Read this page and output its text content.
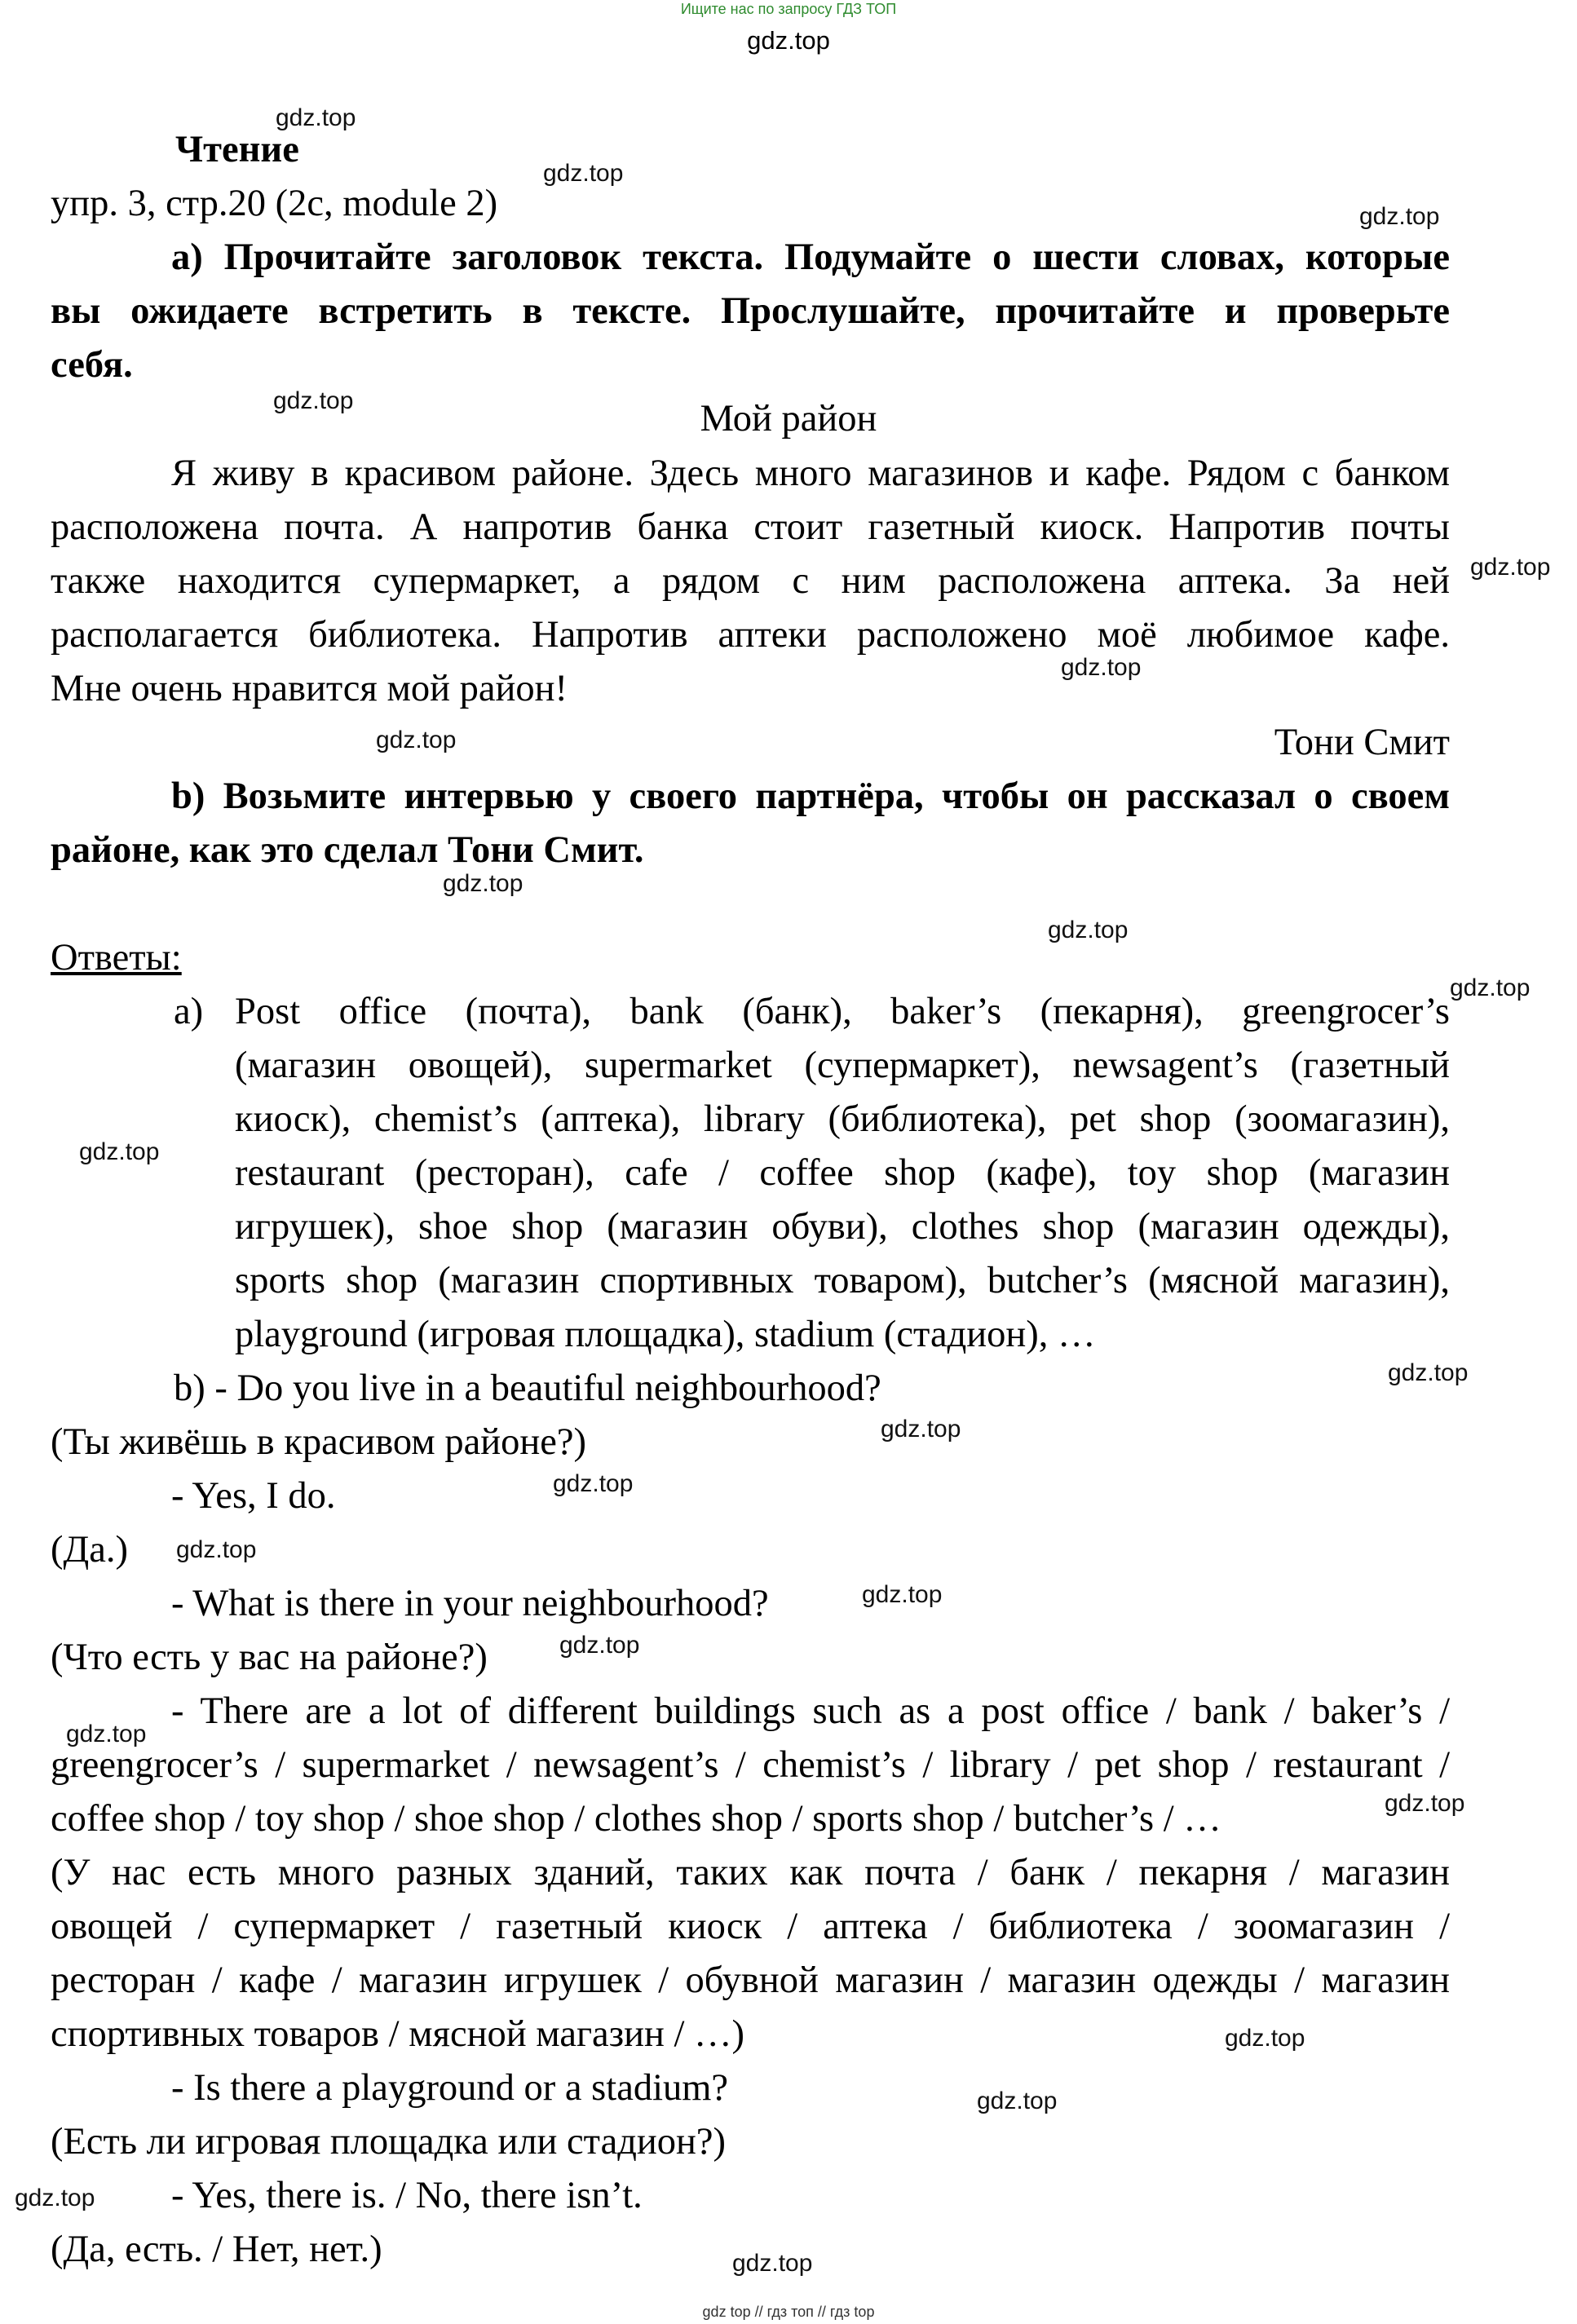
Ищите нас по запросу ГДЗ ТОП
gdz.top
Чтение
упр. 3, стр.20 (2c, module 2)
а) Прочитайте заголовок текста. Подумайте о шести словах, которые
вы ожидаете встретить в тексте. Прослушайте, прочитайте и проверьте
себя.
Мой район
Я живу в красивом районе. Здесь много магазинов и кафе. Рядом с банком
расположена почта. А напротив банка стоит газетный киоск. Напротив почты
также находится супермаркет, а рядом с ним расположена аптека. За ней
располагается библиотека. Напротив аптеки расположено моё любимое кафе.
Мне очень нравится мой район!
Тони Смит
b) Возьмите интервью у своего партнёра, чтобы он рассказал о своем
районе, как это сделал Тони Смит.
Ответы:
а) Post office (почта), bank (банк), baker’s (пекарня), greengrocer’s
(магазин овощей), supermarket (супермаркет), newsagent’s (газетный
киоск), chemist’s (аптека), library (библиотека), pet shop (зоомагазин),
restaurant (ресторан), cafe / coffee shop (кафе), toy shop (магазин
игрушек), shoe shop (магазин обуви), clothes shop (магазин одежды),
sports shop (магазин спортивных товаром), butcher’s (мясной магазин),
playground (игровая площадка), stadium (стадион), …
b) - Do you live in a beautiful neighbourhood?
(Ты живёшь в красивом районе?)
- Yes, I do.
(Да.)
- What is there in your neighbourhood?
(Что есть у вас на районе?)
- There are a lot of different buildings such as a post office / bank / baker’s /
greengrocer’s / supermarket / newsagent’s / chemist’s / library / pet shop / restaurant /
coffee shop / toy shop / shoe shop / clothes shop / sports shop / butcher’s / …
(У нас есть много разных зданий, таких как почта / банк / пекарня / магазин
овощей / супермаркет / газетный киоск / аптека / библиотека / зоомагазин /
ресторан / кафе / магазин игрушек / обувной магазин / магазин одежды / магазин
спортивных товаров / мясной магазин / …)
- Is there a playground or a stadium?
(Есть ли игровая площадка или стадион?)
- Yes, there is. / No, there isn’t.
(Да, есть. / Нет, нет.)
gdz top // гдз топ // гдз top
gdz.top
gdz.top
gdz.top
gdz.top
gdz.top
gdz.top
gdz.top
gdz.top
gdz.top
gdz.top
gdz.top
gdz.top
gdz.top
gdz.top
gdz.top
gdz.top
gdz.top
gdz.top
gdz.top
gdz.top
gdz.top
gdz.top
gdz.top
